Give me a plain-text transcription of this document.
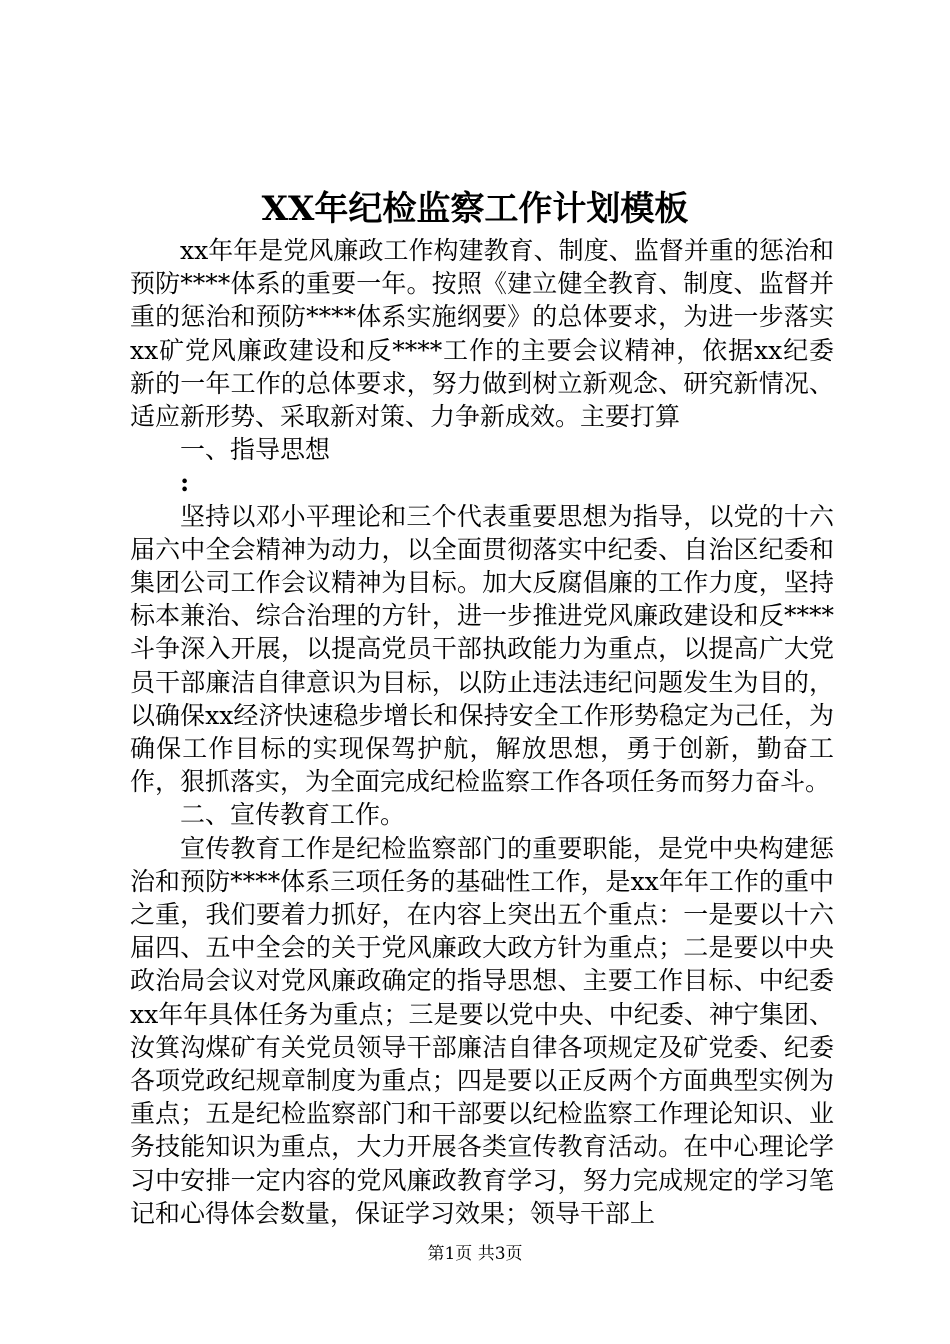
XX年纪检监察工作计划模板

xx年年是党风廉政工作构建教育、制度、监督并重的惩治和预防****体系的重要一年。按照《建立健全教育、制度、监督并重的惩治和预防****体系实施纲要》的总体要求，为进一步落实xx矿党风廉政建设和反****工作的主要会议精神，依据xx纪委新的一年工作的总体要求，努力做到树立新观念、研究新情况、适应新形势、采取新对策、力争新成效。主要打算

一、指导思想

:

坚持以邓小平理论和三个代表重要思想为指导，以党的十六届六中全会精神为动力，以全面贯彻落实中纪委、自治区纪委和集团公司工作会议精神为目标。加大反腐倡廉的工作力度，坚持标本兼治、综合治理的方针，进一步推进党风廉政建设和反****斗争深入开展，以提高党员干部执政能力为重点，以提高广大党员干部廉洁自律意识为目标，以防止违法违纪问题发生为目的，以确保xx经济快速稳步增长和保持安全工作形势稳定为己任，为确保工作目标的实现保驾护航，解放思想，勇于创新，勤奋工作，狠抓落实，为全面完成纪检监察工作各项任务而努力奋斗。

二、宣传教育工作。

宣传教育工作是纪检监察部门的重要职能，是党中央构建惩治和预防****体系三项任务的基础性工作，是xx年年工作的重中之重，我们要着力抓好，在内容上突出五个重点：一是要以十六届四、五中全会的关于党风廉政大政方针为重点；二是要以中央政治局会议对党风廉政确定的指导思想、主要工作目标、中纪委xx年年具体任务为重点；三是要以党中央、中纪委、神宁集团、汝箕沟煤矿有关党员领导干部廉洁自律各项规定及矿党委、纪委各项党政纪规章制度为重点；四是要以正反两个方面典型实例为重点；五是纪检监察部门和干部要以纪检监察工作理论知识、业务技能知识为重点，大力开展各类宣传教育活动。在中心理论学习中安排一定内容的党风廉政教育学习，努力完成规定的学习笔记和心得体会数量，保证学习效果；领导干部上

第1页 共3页
